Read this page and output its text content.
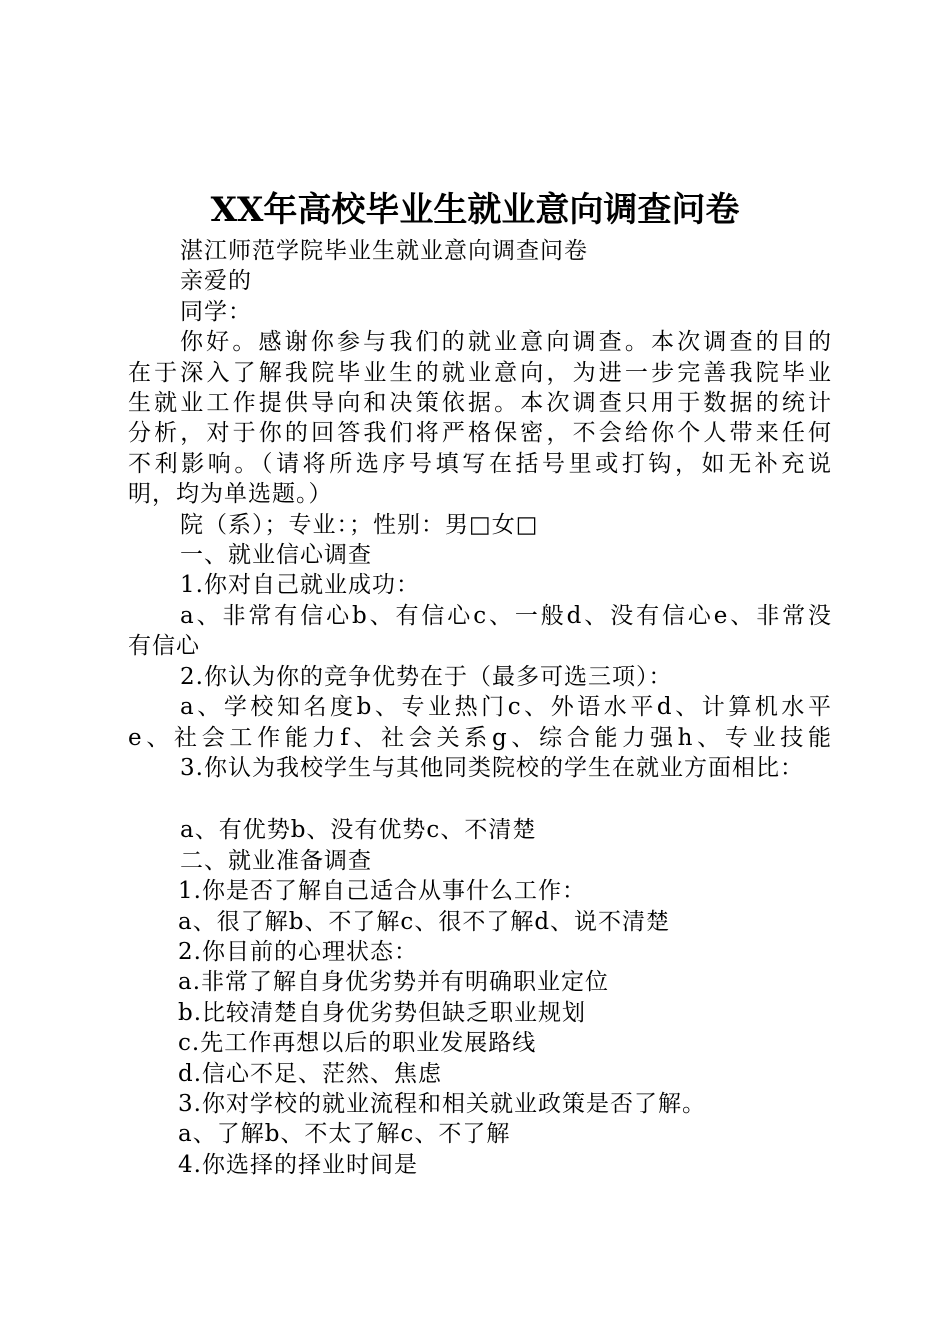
XX年高校毕业生就业意向调查问卷
湛江师范学院毕业生就业意向调查问卷
亲爱的
同学：
你好。感谢你参与我们的就业意向调查。本次调查的目的
在于深入了解我院毕业生的就业意向，为进一步完善我院毕业
生就业工作提供导向和决策依据。本次调查只用于数据的统计
分析，对于你的回答我们将严格保密，不会给你个人带来任何
不利影响。（请将所选序号填写在括号里或打钩，如无补充说
明，均为单选题。）
院（系）；专业：；性别：男□女□
一、就业信心调查
1.你对自己就业成功：
a、非常有信心b、有信心c、一般d、没有信心e、非常没
有信心
2.你认为你的竞争优势在于（最多可选三项）：
a、学校知名度b、专业热门c、外语水平d、计算机水平
e、社会工作能力f、社会关系g、综合能力强h、专业技能
3.你认为我校学生与其他同类院校的学生在就业方面相比：
a、有优势b、没有优势c、不清楚
二、就业准备调查
1.你是否了解自己适合从事什么工作：
a、很了解b、不了解c、很不了解d、说不清楚
2.你目前的心理状态：
a.非常了解自身优劣势并有明确职业定位
b.比较清楚自身优劣势但缺乏职业规划
c.先工作再想以后的职业发展路线
d.信心不足、茫然、焦虑
3.你对学校的就业流程和相关就业政策是否了解。
a、了解b、不太了解c、不了解
4.你选择的择业时间是
